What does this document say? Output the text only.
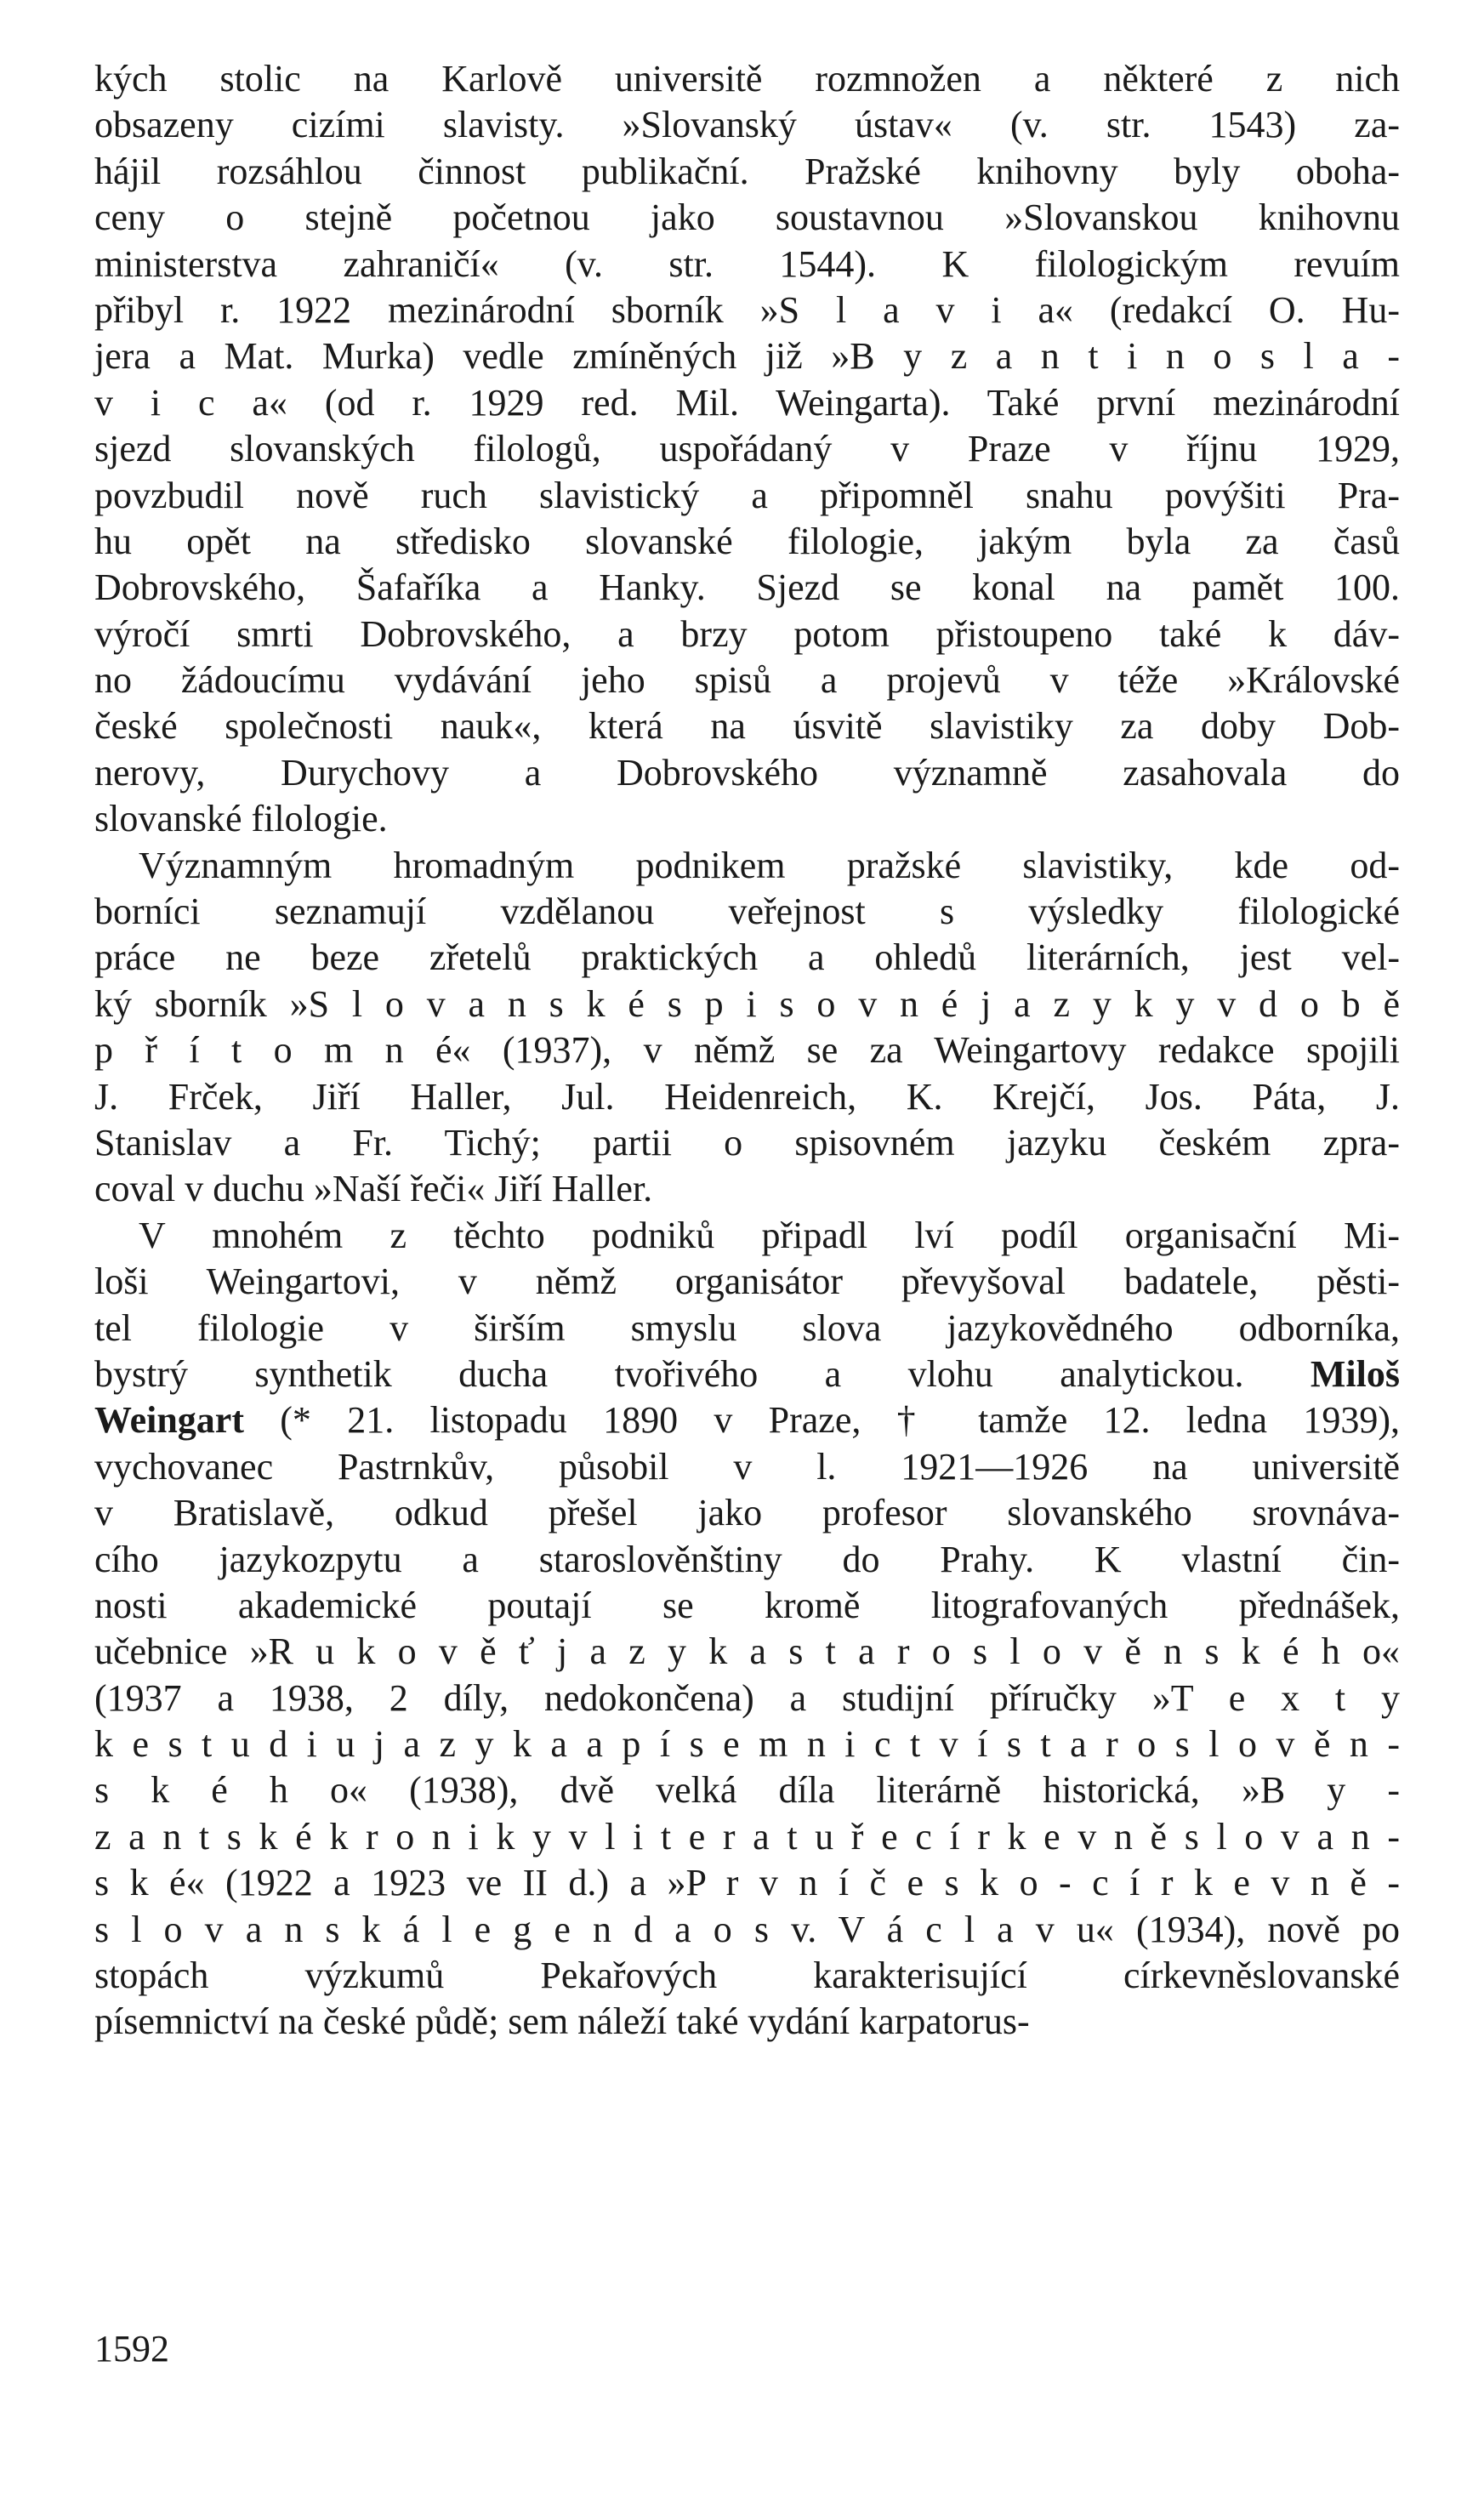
kých stolic na Karlově universitě rozmnožen a některé z nich
obsazeny cizími slavisty. »Slovanský ústav« (v. str. 1543) za-
hájil rozsáhlou činnost publikační. Pražské knihovny byly oboha-
ceny o stejně početnou jako soustavnou »Slovanskou knihovnu
ministerstva zahraničí« (v. str. 1544). K filologickým revuím
přibyl r. 1922 mezinárodní sborník »S l a v i a« (redakcí O. Hu-
jera a Mat. Murka) vedle zmíněných již »B y z a n t i n o s l a -
v i c a« (od r. 1929 red. Mil. Weingarta). Také první mezinárodní
sjezd slovanských filologů, uspořádaný v Praze v říjnu 1929,
povzbudil nově ruch slavistický a připomněl snahu povýšiti Pra-
hu opět na středisko slovanské filologie, jakým byla za časů
Dobrovského, Šafaříka a Hanky. Sjezd se konal na pamět 100.
výročí smrti Dobrovského, a brzy potom přistoupeno také k dáv-
no žádoucímu vydávání jeho spisů a projevů v téže »Královské
české společnosti nauk«, která na úsvitě slavistiky za doby Dob-
nerovy, Durychovy a Dobrovského významně zasahovala do
slovanské filologie.
Významným hromadným podnikem pražské slavistiky, kde od-
borníci seznamují vzdělanou veřejnost s výsledky filologické
práce ne beze zřetelů praktických a ohledů literárních, jest vel-
ký sborník »S l o v a n s k é s p i s o v n é j a z y k y v d o b ě
p ř í t o m n é« (1937), v němž se za Weingartovy redakce spojili
J. Frček, Jiří Haller, Jul. Heidenreich, K. Krejčí, Jos. Páta, J.
Stanislav a Fr. Tichý; partii o spisovném jazyku českém zpra-
coval v duchu »Naší řeči« Jiří Haller.
V mnohém z těchto podniků připadl lví podíl organisační Mi-
loši Weingartovi, v němž organisátor převyšoval badatele, pěsti-
tel filologie v širším smyslu slova jazykovědného odborníka,
bystrý synthetik ducha tvořivého a vlohu analytickou. Miloš
Weingart (* 21. listopadu 1890 v Praze, † tamže 12. ledna 1939),
vychovanec Pastrnkův, působil v l. 1921—1926 na universitě
v Bratislavě, odkud přešel jako profesor slovanského srovnáva-
cího jazykozpytu a staroslověnštiny do Prahy. K vlastní čin-
nosti akademické poutají se kromě litografovaných přednášek,
učebnice »R u k o v ě ť j a z y k a s t a r o s l o v ě n s k é h o«
(1937 a 1938, 2 díly, nedokončena) a studijní příručky »T e x t y
k e s t u d i u j a z y k a a p í s e m n i c t v í s t a r o s l o v ě n -
s k é h o« (1938), dvě velká díla literárně historická, »B y -
z a n t s k é k r o n i k y v l i t e r a t u ř e c í r k e v n ě s l o v a n -
s k é« (1922 a 1923 ve II d.) a »P r v n í č e s k o - c í r k e v n ě -
s l o v a n s k á l e g e n d a o s v. V á c l a v u« (1934), nově po
stopách výzkumů Pekařových karakterisující církevněslovanské
písemnictví na české půdě; sem náleží také vydání karpatorus-
1592
